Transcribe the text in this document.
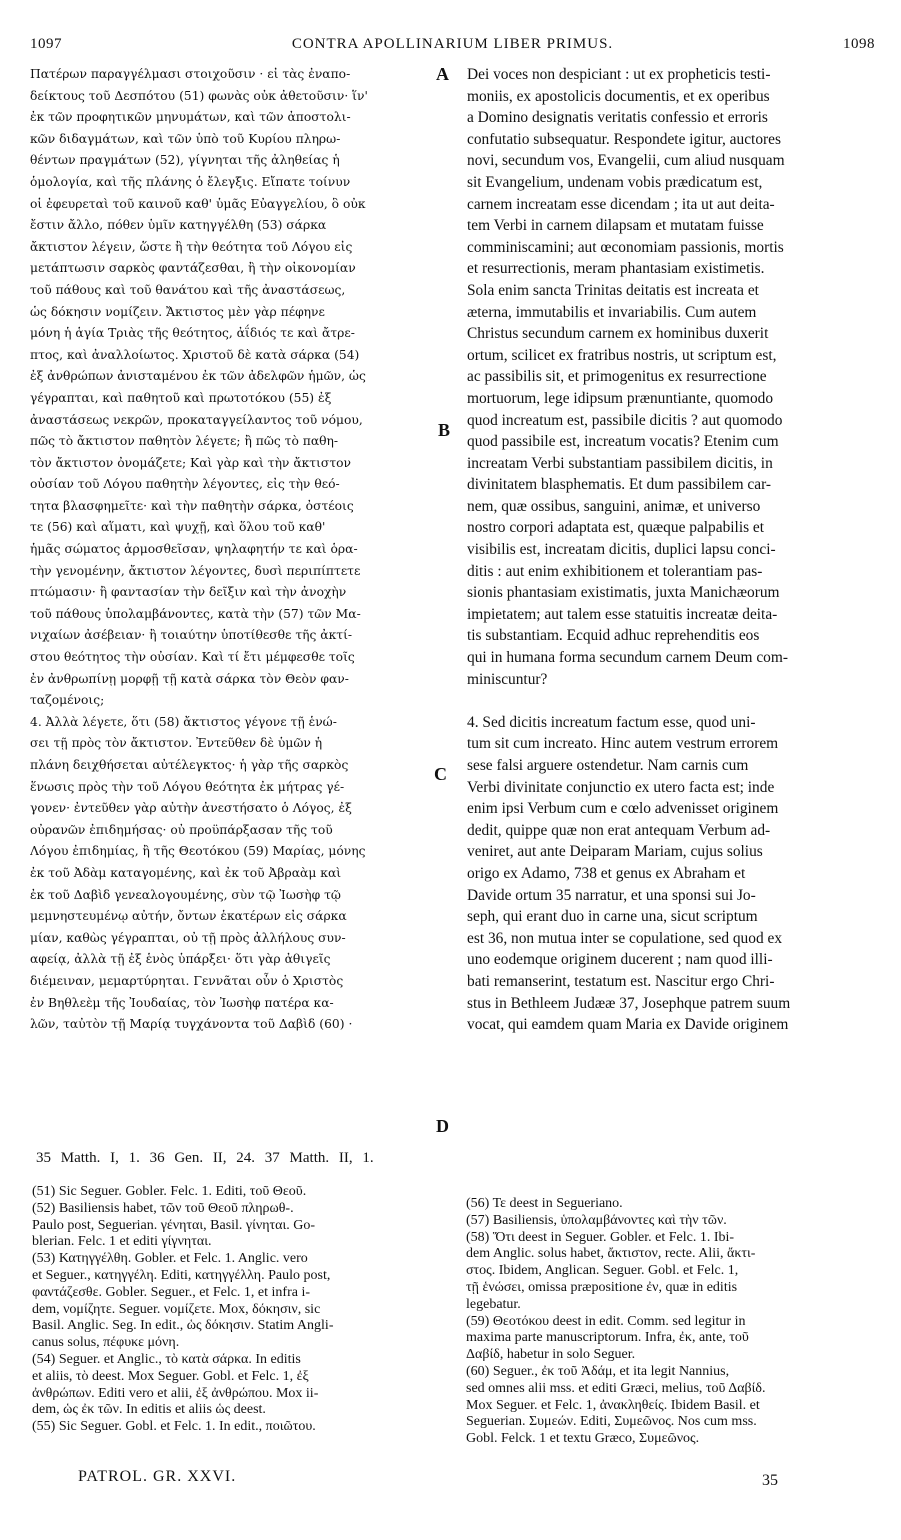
1097	CONTRA APOLLINARIUM LIBER PRIMUS.	1098
Πατέρων παραγγέλμασι στοιχοῦσιν · εἰ τὰς ἐναπο-
δείκτους τοῦ Δεσπότου (51) φωνὰς οὐκ ἀθετοῦσιν· ἵν'
ἐκ τῶν προφητικῶν μηνυμάτων, καὶ τῶν ἀποστολι-
κῶν διδαγμάτων, καὶ τῶν ὑπὸ τοῦ Κυρίου πληρω-
θέντων πραγμάτων (52), γίγνηται τῆς ἀληθείας ἡ
ὁμολογία, καὶ τῆς πλάνης ὁ ἔλεγξις. Εἴπατε τοίνυν
οἱ ἐφευρεταὶ τοῦ καινοῦ καθ' ὑμᾶς Εὐαγγελίου, ὃ οὐκ
ἔστιν ἄλλο, πόθεν ὑμῖν κατηγγέλθη (53) σάρκα
ἄκτιστον λέγειν, ὥστε ἢ τὴν θεότητα τοῦ Λόγου εἰς
μετάπτωσιν σαρκὸς φαντάζεσθαι, ἢ τὴν οἰκονομίαν
τοῦ πάθους καὶ τοῦ θανάτου καὶ τῆς ἀναστάσεως,
ὡς δόκησιν νομίζειν. Ἄκτιστος μὲν γὰρ πέφηνε
μόνη ἡ ἁγία Τριὰς τῆς θεότητος, ἀΐδιός τε καὶ ἄτρε-
πτος, καὶ ἀναλλοίωτος. Χριστοῦ δὲ κατὰ σάρκα (54)
ἐξ ἀνθρώπων ἀνισταμένου ἐκ τῶν ἀδελφῶν ἡμῶν, ὡς
γέγραπται, καὶ παθητοῦ καὶ πρωτοτόκου (55) ἐξ
ἀναστάσεως νεκρῶν, προκαταγγείλαντος τοῦ νόμου,
πῶς τὸ ἄκτιστον παθητὸν λέγετε; ἢ πῶς τὸ παθη-
τὸν ἄκτιστον ὀνομάζετε; Καὶ γὰρ καὶ τὴν ἄκτιστον
οὐσίαν τοῦ Λόγου παθητὴν λέγοντες, εἰς τὴν θεό-
τητα βλασφημεῖτε· καὶ τὴν παθητὴν σάρκα, ὀστέοις
τε (56) καὶ αἵματι, καὶ ψυχῇ, καὶ ὅλου τοῦ καθ'
ἡμᾶς σώματος ἁρμοσθεῖσαν, ψηλαφητήν τε καὶ ὁρα-
τὴν γενομένην, ἄκτιστον λέγοντες, δυσὶ περιπίπτετε
πτώμασιν· ἢ φαντασίαν τὴν δεῖξιν καὶ τὴν ἀνοχὴν
τοῦ πάθους ὑπολαμβάνοντες, κατὰ τὴν (57) τῶν Μα-
νιχαίων ἀσέβειαν· ἢ τοιαύτην ὑποτίθεσθε τῆς ἀκτί-
στου θεότητος τὴν οὐσίαν. Καὶ τί ἔτι μέμφεσθε τοῖς
ἐν ἀνθρωπίνῃ μορφῇ τῇ κατὰ σάρκα τὸν Θεὸν φαν-
ταζομένοις;
4. Ἀλλὰ λέγετε, ὅτι (58) ἄκτιστος γέγονε τῇ ἑνώ-
σει τῇ πρὸς τὸν ἄκτιστον. Ἐντεῦθεν δὲ ὑμῶν ἡ
πλάνη δειχθήσεται αὐτέλεγκτος· ἡ γὰρ τῆς σαρκὸς
ἕνωσις πρὸς τὴν τοῦ Λόγου θεότητα ἐκ μήτρας γέ-
γονεν· ἐντεῦθεν γὰρ αὐτὴν ἀνεστήσατο ὁ Λόγος, ἐξ
οὐρανῶν ἐπιδημήσας· οὐ προϋπάρξασαν τῆς τοῦ
Λόγου ἐπιδημίας, ἢ τῆς Θεοτόκου (59) Μαρίας, μόνης
ἐκ τοῦ Ἀδὰμ καταγομένης, καὶ ἐκ τοῦ Ἀβραὰμ καὶ
ἐκ τοῦ Δαβὶδ γενεαλογουμένης, σὺν τῷ Ἰωσὴφ τῷ
μεμνηστευμένῳ αὐτήν, ὄντων ἑκατέρων εἰς σάρκα
μίαν, καθὼς γέγραπται, οὐ τῇ πρὸς ἀλλήλους συν-
αφείᾳ, ἀλλὰ τῇ ἐξ ἑνὸς ὑπάρξει· ὅτι γὰρ ἀθιγεῖς
διέμειναν, μεμαρτύρηται. Γεννᾶται οὖν ὁ Χριστὸς
ἐν Βηθλεὲμ τῆς Ἰουδαίας, τὸν Ἰωσὴφ πατέρα κα-
λῶν, ταὐτὸν τῇ Μαρίᾳ τυγχάνοντα τοῦ Δαβὶδ (60) ·
Dei voces non despiciant : ut ex propheticis testi-
moniis, ex apostolicis documentis, et ex operibus
a Domino designatis veritatis confessio et erroris
confutatio subsequatur. Respondete igitur, auctores
novi, secundum vos, Evangelii, cum aliud nusquam
sit Evangelium, undenam vobis prædicatum est,
carnem increatam esse dicendam ; ita ut aut deita-
tem Verbi in carnem dilapsam et mutatam fuisse
comminiscamini; aut œconomiam passionis, mortis
et resurrectionis, meram phantasiam existimetis.
Sola enim sancta Trinitas deitatis est increata et
æterna, immutabilis et invariabilis. Cum autem
Christus secundum carnem ex hominibus duxerit
ortum, scilicet ex fratribus nostris, ut scriptum est,
ac passibilis sit, et primogenitus ex resurrectione
mortuorum, lege idipsum prænuntiante, quomodo
quod increatum est, passibile dicitis ? aut quomodo
quod passibile est, increatum vocatis? Etenim cum
increatam Verbi substantiam passibilem dicitis, in
divinitatem blasphematis. Et dum passibilem car-
nem, quæ ossibus, sanguini, animæ, et universo
nostro corpori adaptata est, quæque palpabilis et
visibilis est, increatam dicitis, duplici lapsu conci-
ditis : aut enim exhibitionem et tolerantiam pas-
sionis phantasiam existimatis, juxta Manichæorum
impietatem; aut talem esse statuitis increatæ deita-
tis substantiam. Ecquid adhuc reprehenditis eos
qui in humana forma secundum carnem Deum com-
miniscuntur?
4. Sed dicitis increatum factum esse, quod uni-
tum sit cum increato. Hinc autem vestrum errorem
sese falsi arguere ostendetur. Nam carnis cum
Verbi divinitate conjunctio ex utero facta est; inde
enim ipsi Verbum cum e cœlo advenisset originem
dedit, quippe quæ non erat antequam Verbum ad-
veniret, aut ante Deiparam Mariam, cujus solius
origo ex Adamo, 738 et genus ex Abraham et
Davide ortum 35 narratur, et una sponsi sui Jo-
seph, qui erant duo in carne una, sicut scriptum
est 36, non mutua inter se copulatione, sed quod ex
uno eodemque originem ducerent ; nam quod illi-
bati remanserint, testatum est. Nascitur ergo Chri-
stus in Bethleem Judææ 37, Josephque patrem suum
vocat, qui eamdem quam Maria ex Davide originem
A
B
C
D
35 Matth. I, 1. 36 Gen. II, 24. 37 Matth. II, 1.
(51) Sic Seguer. Gobler. Felc. 1. Editi, τοῦ Θεοῦ.
(52) Basiliensis habet, τῶν τοῦ Θεοῦ πληρωθ-.
Paulo post, Seguerian. γένηται, Basil. γίνηται. Go-
blerian. Felc. 1 et editi γίγνηται.
(53) Κατηγγέλθη. Gobler. et Felc. 1. Anglic. vero
et Seguer., κατηγγέλη. Editi, κατηγγέλλη. Paulo post,
φαντάζεσθε. Gobler. Seguer., et Felc. 1, et infra i-
dem, νομίζητε. Seguer. νομίζετε. Mox, δόκησιν, sic
Basil. Anglic. Seg. In edit., ὡς δόκησιν. Statim Angli-
canus solus, πέφυκε μόνη.
(54) Seguer. et Anglic., τὸ κατὰ σάρκα. In editis
et aliis, τὸ deest. Mox Seguer. Gobl. et Felc. 1, ἐξ
ἀνθρώπων. Editi vero et alii, ἐξ ἀνθρώπου. Mox ii-
dem, ὡς ἐκ τῶν. In editis et aliis ὡς deest.
(55) Sic Seguer. Gobl. et Felc. 1. In edit., ποιῶτου.
(56) Τε deest in Segueriano.
(57) Basiliensis, ὑπολαμβάνοντες καὶ τὴν τῶν.
(58) Ὅτι deest in Seguer. Gobler. et Felc. 1. Ibi-
dem Anglic. solus habet, ἄκτιστον, recte. Alii, ἄκτι-
στος. Ibidem, Anglican. Seguer. Gobl. et Felc. 1,
τῇ ἑνώσει, omissa præpositione ἐν, quæ in editis
legebatur.
(59) Θεοτόκου deest in edit. Comm. sed legitur in
maxima parte manuscriptorum. Infra, ἐκ, ante, τοῦ
Δαβίδ, habetur in solo Seguer.
(60) Seguer., ἐκ τοῦ Ἀδάμ, et ita legit Nannius,
sed omnes alii mss. et editi Græci, melius, τοῦ Δαβίδ.
Mox Seguer. et Felc. 1, ἀνακληθείς. Ibidem Basil. et
Seguerian. Συμεών. Editi, Συμεῶνος. Nos cum mss.
Gobl. Felck. 1 et textu Græco, Συμεῶνος.
PATROL. GR. XXVI.	35
